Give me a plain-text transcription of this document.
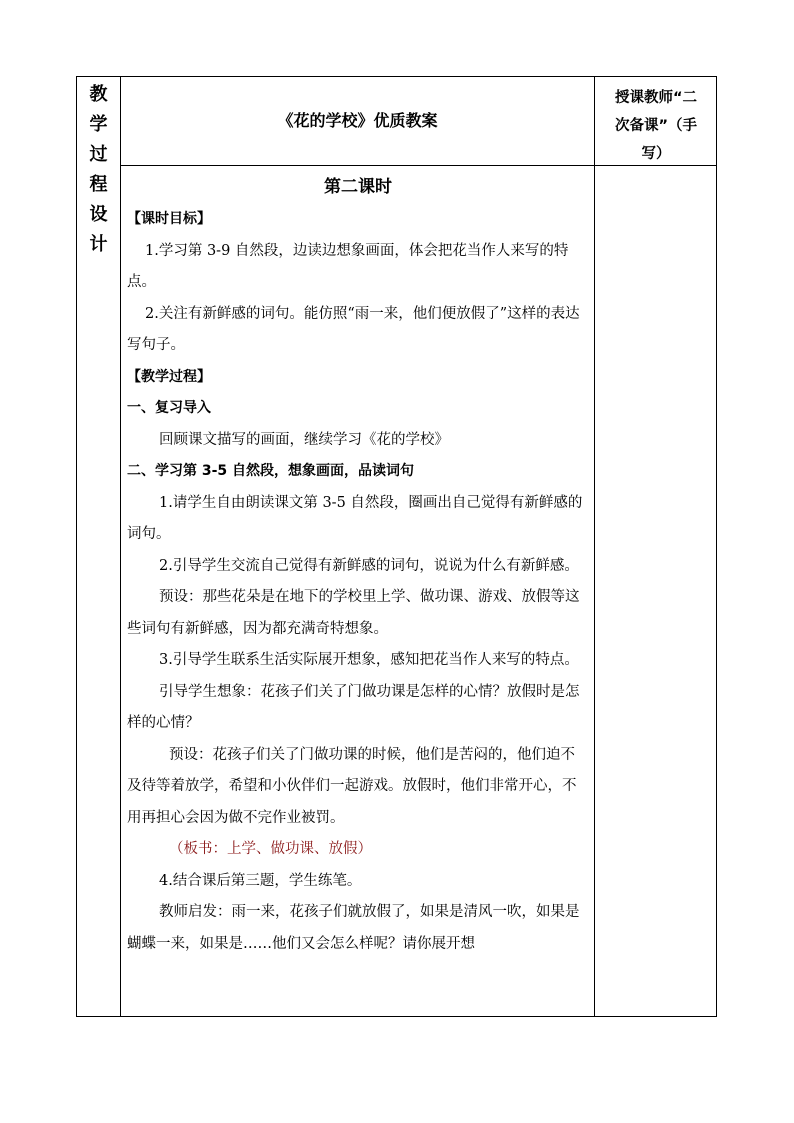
教
学
过
程
设
计
《花的学校》优质教案
授课教师“二
次备课”（手
写）

第二课时

【课时目标】

1.学习第 3-9 自然段，边读边想象画面，体会把花当作人来写的特点。

2.关注有新鲜感的词句。能仿照“雨一来，他们便放假了”这样的表达写句子。

【教学过程】

一、复习导入

回顾课文描写的画面，继续学习《花的学校》

二、学习第 3-5 自然段，想象画面，品读词句

1.请学生自由朗读课文第 3-5 自然段，圈画出自己觉得有新鲜感的词句。

2.引导学生交流自己觉得有新鲜感的词句，说说为什么有新鲜感。

预设：那些花朵是在地下的学校里上学、做功课、游戏、放假等这些词句有新鲜感，因为都充满奇特想象。

3.引导学生联系生活实际展开想象，感知把花当作人来写的特点。

引导学生想象：花孩子们关了门做功课是怎样的心情？放假时是怎样的心情？

预设：花孩子们关了门做功课的时候，他们是苦闷的，他们迫不及待等着放学，希望和小伙伴们一起游戏。放假时，他们非常开心，不用再担心会因为做不完作业被罚。

（板书：上学、做功课、放假）

4.结合课后第三题，学生练笔。

教师启发：雨一来，花孩子们就放假了，如果是清风一吹，如果是蝴蝶一来，如果是……他们又会怎么样呢？请你展开想
